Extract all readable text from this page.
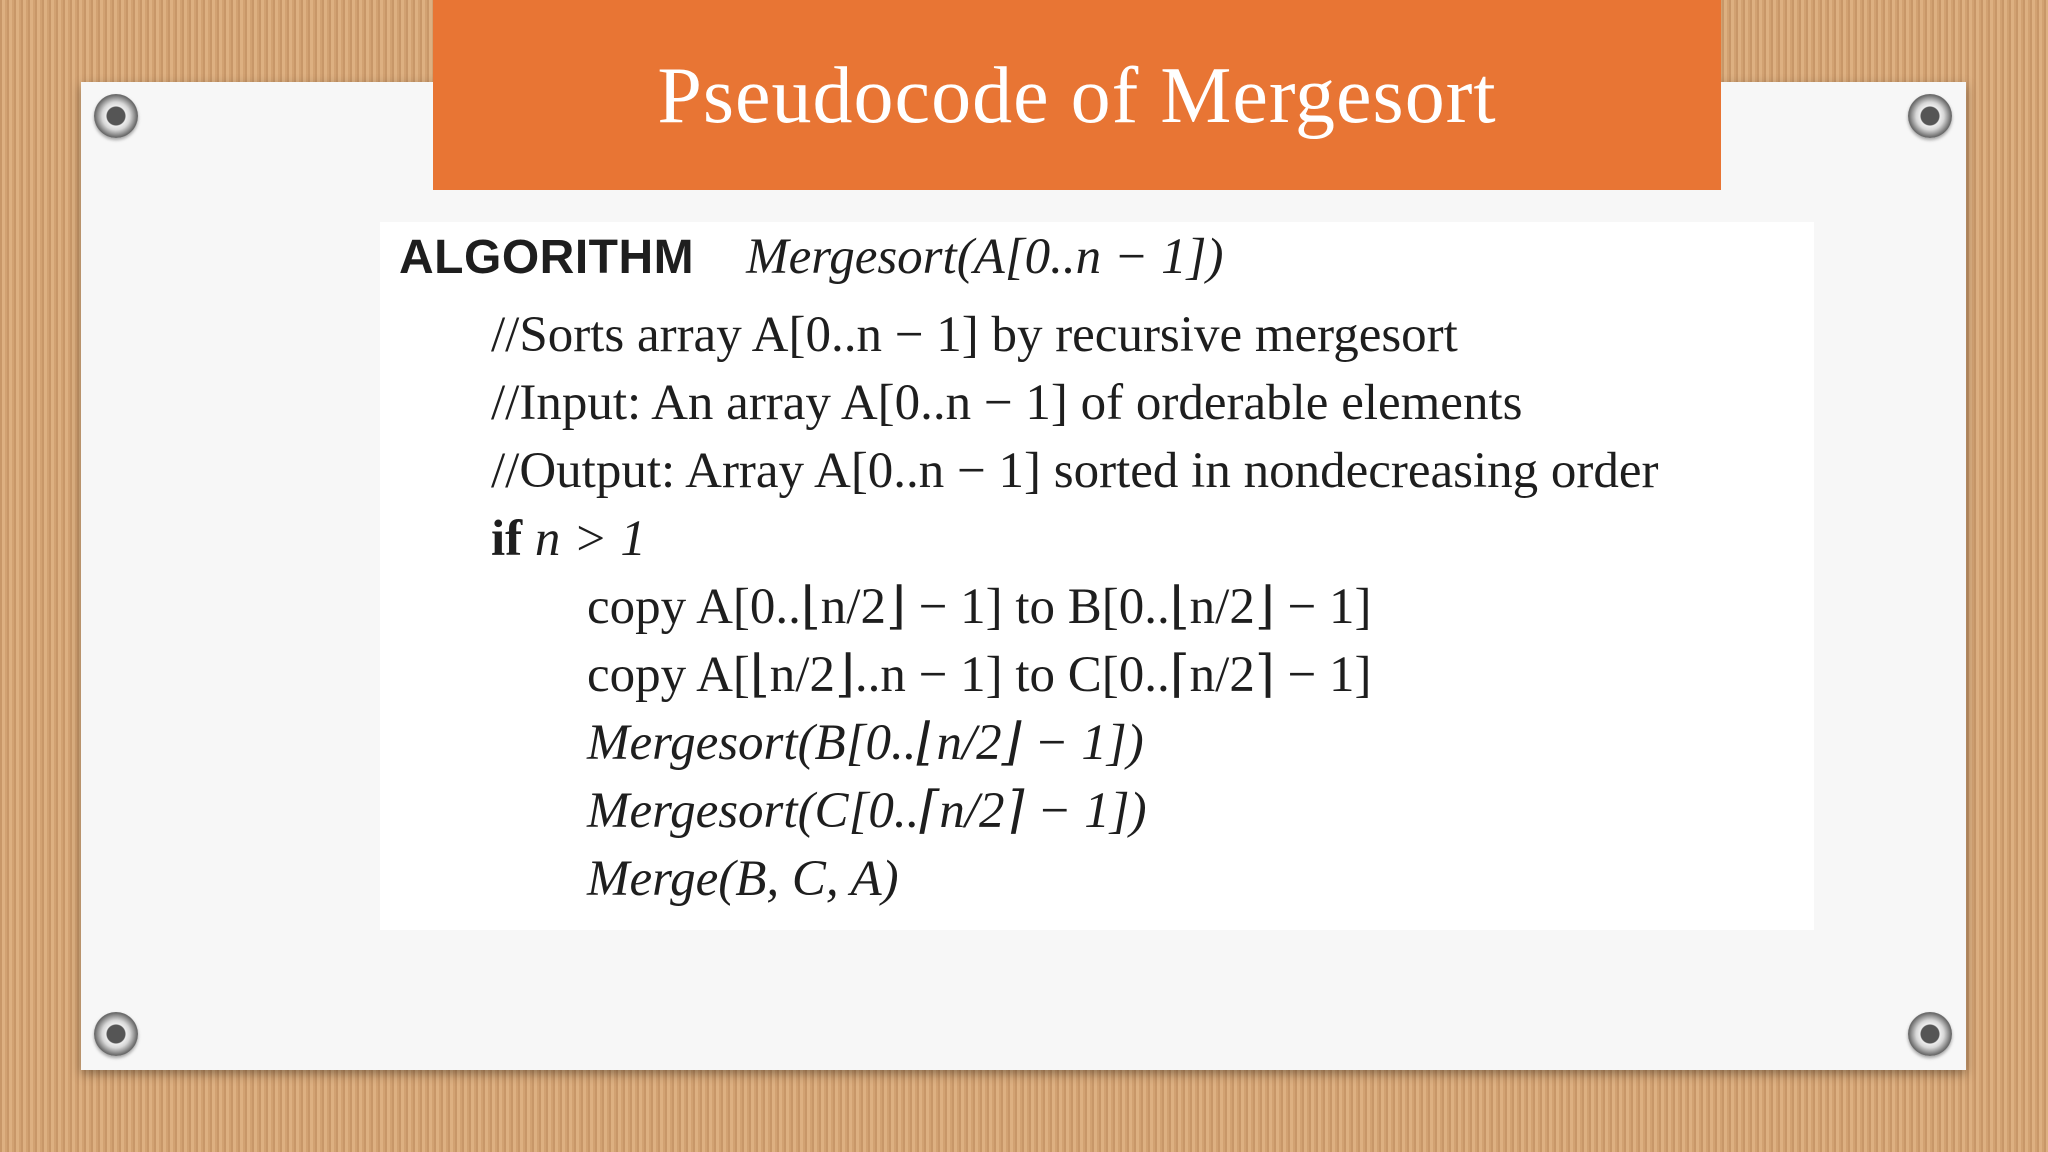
Pseudocode of Mergesort
ALGORITHM Mergesort(A[0..n − 1])
//Sorts array A[0..n − 1] by recursive mergesort
//Input: An array A[0..n − 1] of orderable elements
//Output: Array A[0..n − 1] sorted in nondecreasing order
if n > 1
copy A[0..⌊n/2⌋ − 1] to B[0..⌊n/2⌋ − 1]
copy A[⌊n/2⌋..n − 1] to C[0..⌈n/2⌉ − 1]
Mergesort(B[0..⌊n/2⌋ − 1])
Mergesort(C[0..⌈n/2⌉ − 1])
Merge(B, C, A)
